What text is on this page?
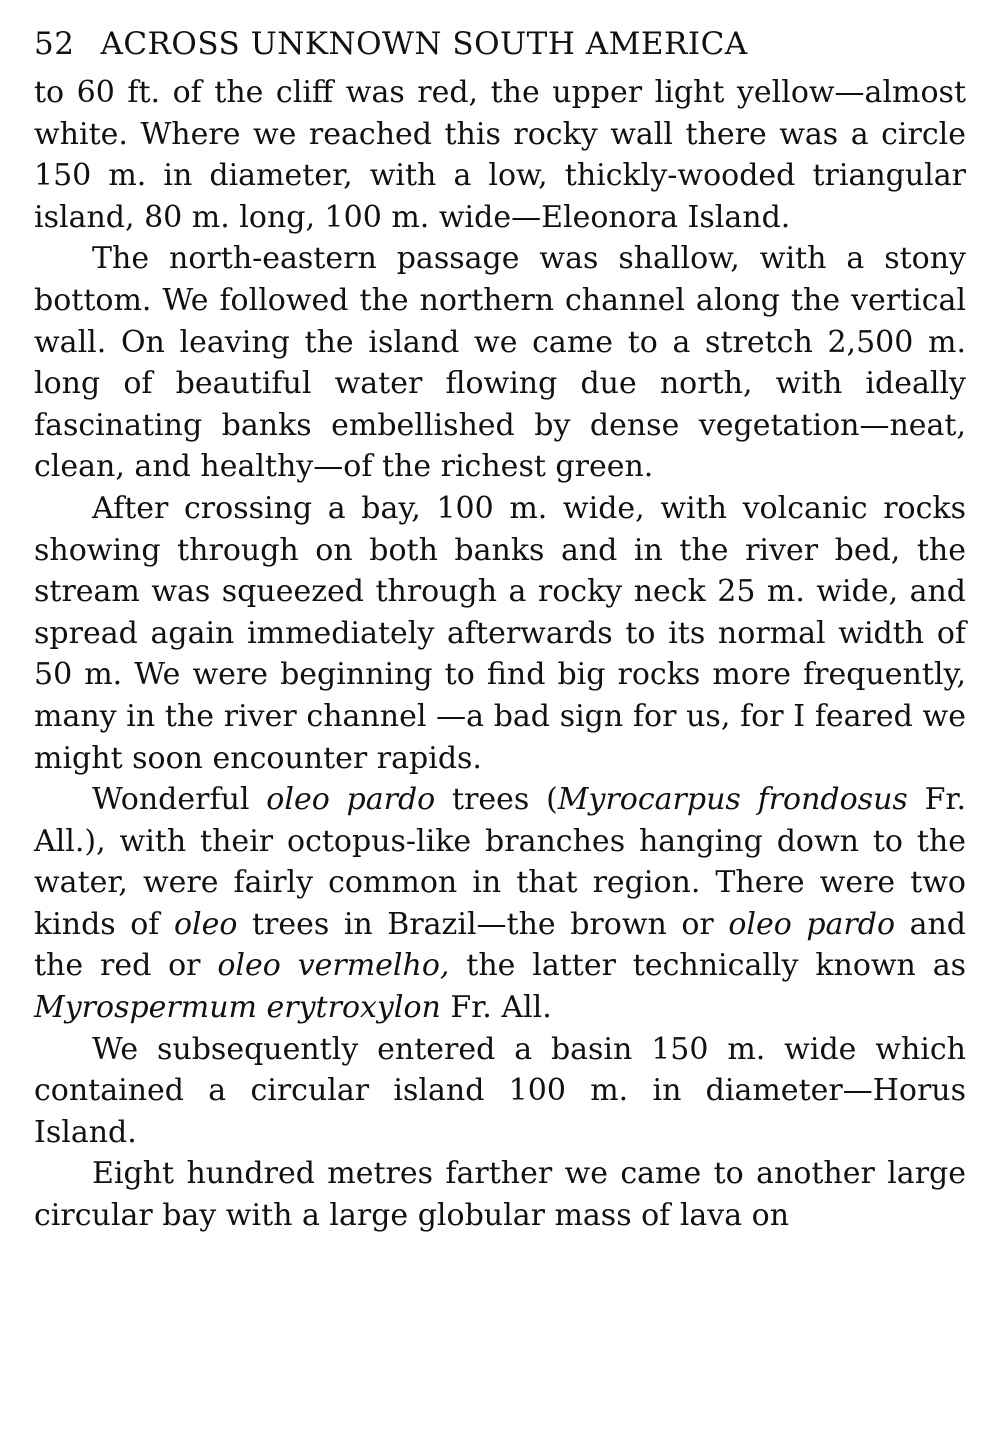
52 ACROSS UNKNOWN SOUTH AMERICA

to 60 ft. of the cliff was red, the upper light yellow—almost white. Where we reached this rocky wall there was a circle 150 m. in diameter, with a low, thickly-wooded triangular island, 80 m. long, 100 m. wide—Eleonora Island.

The north-eastern passage was shallow, with a stony bottom. We followed the northern channel along the vertical wall. On leaving the island we came to a stretch 2,500 m. long of beautiful water flowing due north, with ideally fascinating banks embellished by dense vegetation—neat, clean, and healthy—of the richest green.

After crossing a bay, 100 m. wide, with volcanic rocks showing through on both banks and in the river bed, the stream was squeezed through a rocky neck 25 m. wide, and spread again immediately afterwards to its normal width of 50 m. We were beginning to find big rocks more frequently, many in the river channel —a bad sign for us, for I feared we might soon encounter rapids.

Wonderful oleo pardo trees (Myrocarpus frondosus Fr. All.), with their octopus-like branches hanging down to the water, were fairly common in that region. There were two kinds of oleo trees in Brazil—the brown or oleo pardo and the red or oleo vermelho, the latter technically known as Myrospermum erytroxylon Fr. All.

We subsequently entered a basin 150 m. wide which contained a circular island 100 m. in diameter—Horus Island.

Eight hundred metres farther we came to another large circular bay with a large globular mass of lava on
